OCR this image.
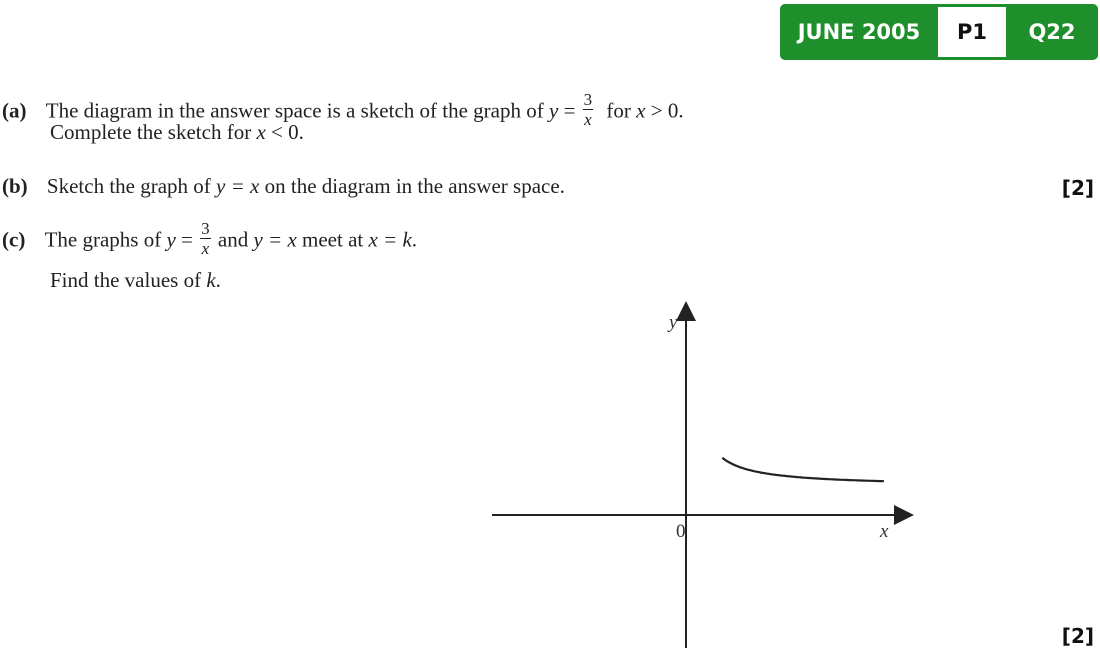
JUNE 2005	P1	Q22
(a) The diagram in the answer space is a sketch of the graph of $y = \frac{3}{x}$ for x > 0.
Complete the sketch for x < 0.
(b) Sketch the graph of y = x on the diagram in the answer space.	[2]
(c) The graphs of $y = \frac{3}{x}$ and y = x meet at x = k.
Find the values of k.
[2]
y
x
0
